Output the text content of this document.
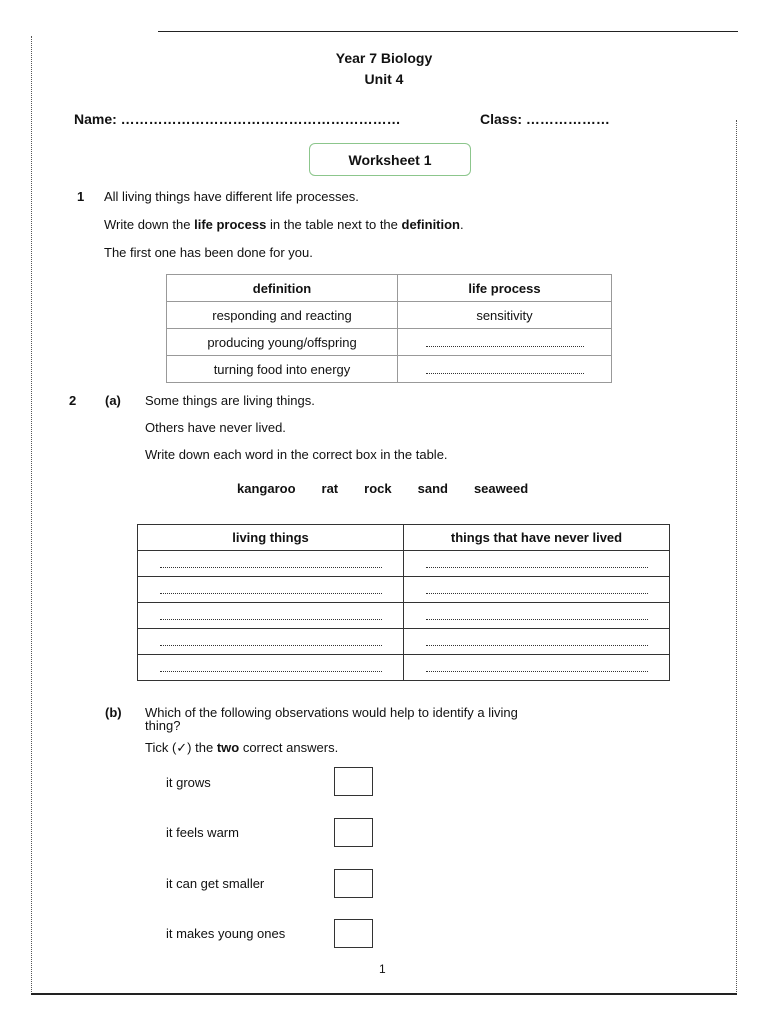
Year 7 Biology
Unit 4
Name: ……………………………………………………	Class: ………………
Worksheet 1
1 All living things have different life processes.
Write down the life process in the table next to the definition.
The first one has been done for you.
definition	life process
responding and reacting	sensitivity
producing young/offspring	
turning food into energy	
2 (a) Some things are living things.
Others have never lived.
Write down each word in the correct box in the table.
kangaroo rat rock sand seaweed
living things	things that have never lived

(b) Which of the following observations would help to identify a living
thing?
Tick (✓) the two correct answers.
it grows
it feels warm
it can get smaller
it makes young ones
1
